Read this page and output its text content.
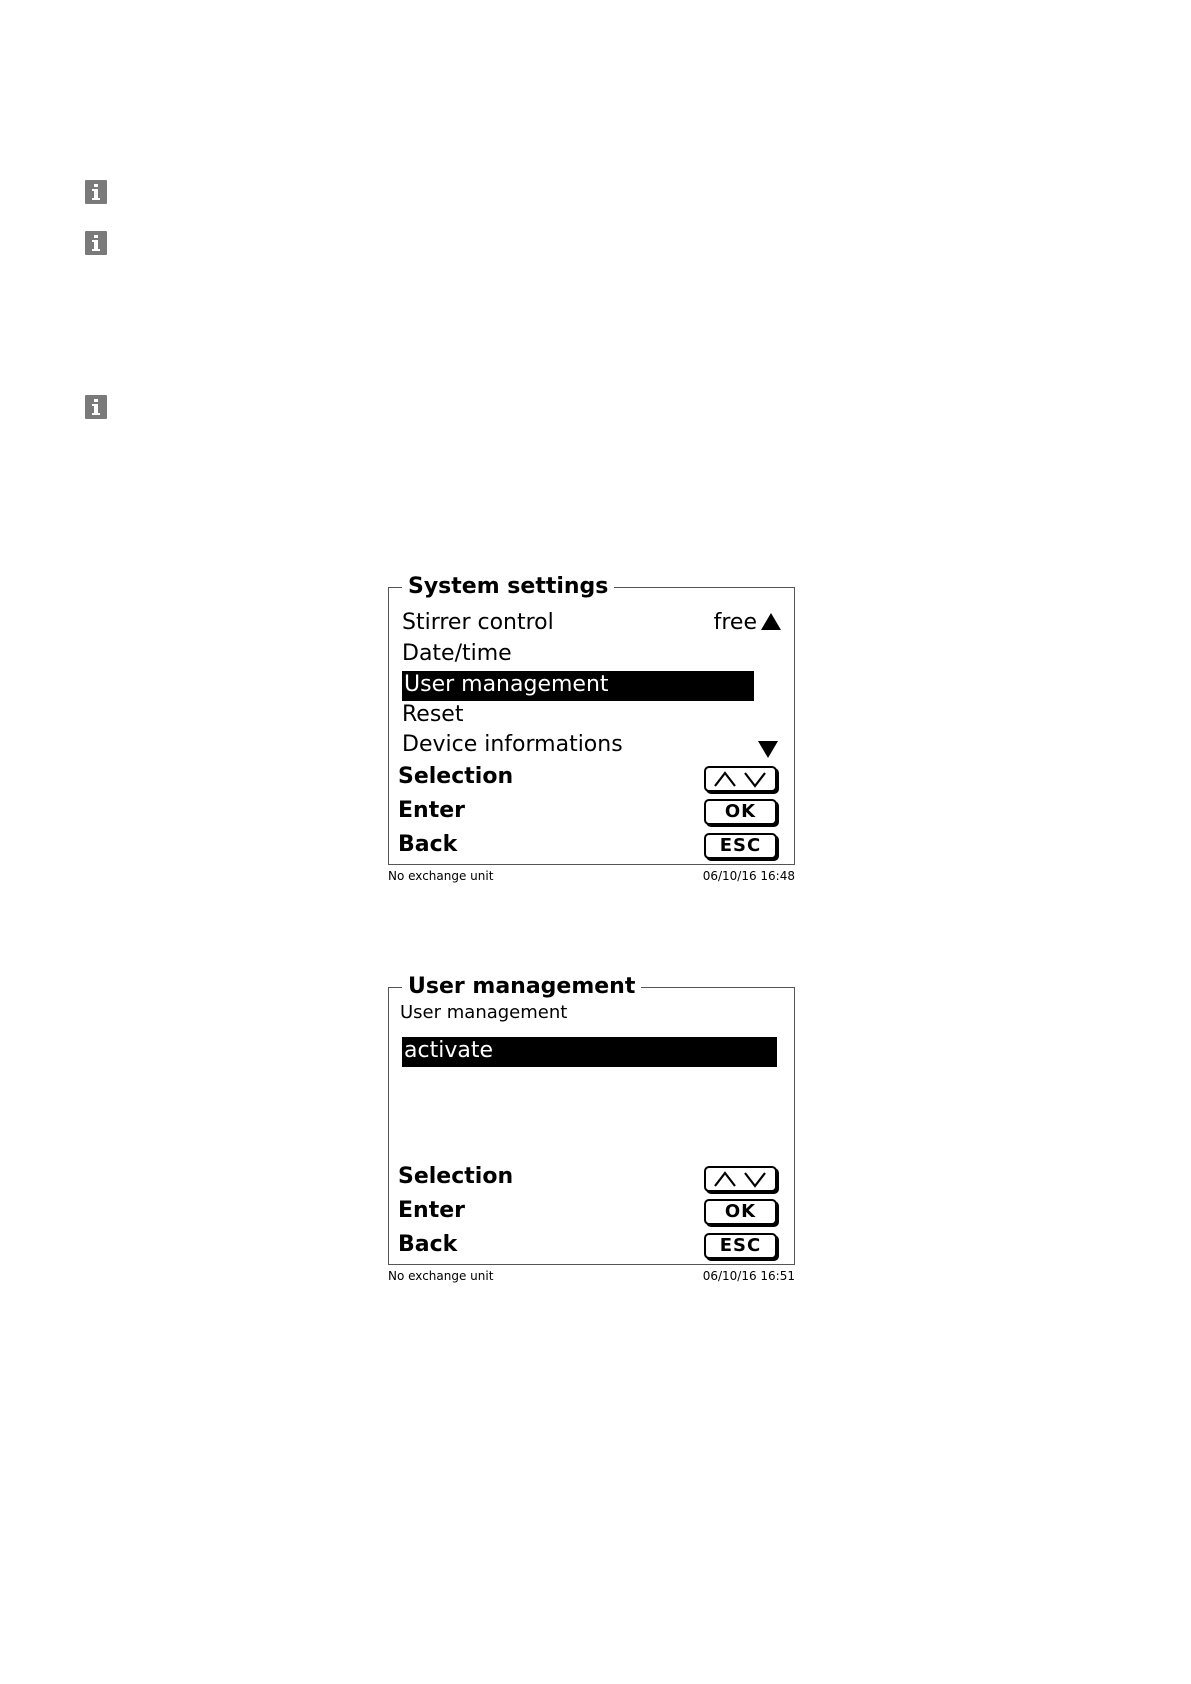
System settings
Stirrer control	free
Date/time
User management
Reset
Device informations
Selection
Enter	OK
Back	ESC
No exchange unit	06/10/16 16:48
User management
User management
activate
Selection
Enter	OK
Back	ESC
No exchange unit	06/10/16 16:51
